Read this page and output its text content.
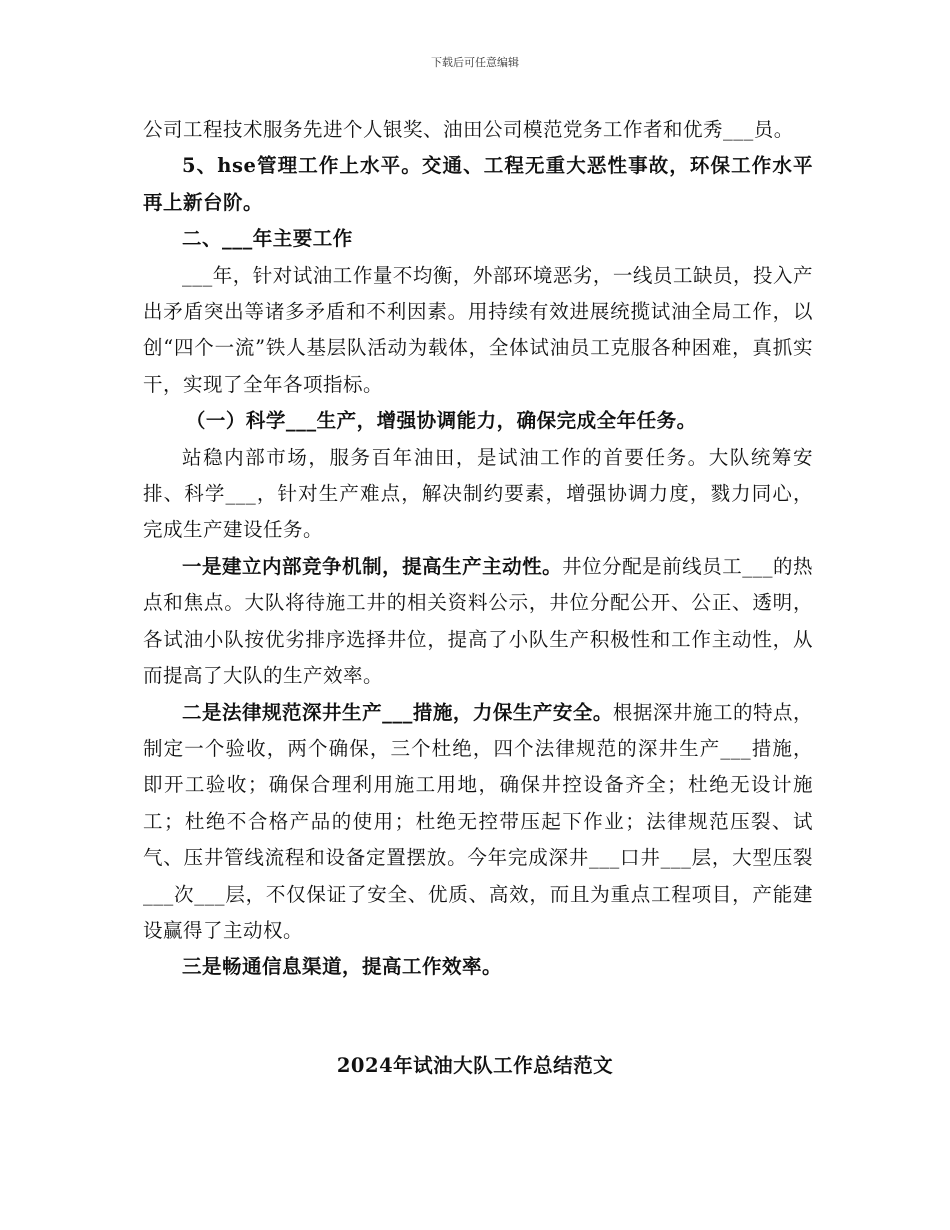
下载后可任意编辑

公司工程技术服务先进个人银奖、油田公司模范党务工作者和优秀___员。

5、hse管理工作上水平。交通、工程无重大恶性事故，环保工作水平再上新台阶。

二、___年主要工作

___年，针对试油工作量不均衡，外部环境恶劣，一线员工缺员，投入产出矛盾突出等诸多矛盾和不利因素。用持续有效进展统揽试油全局工作，以创“四个一流”铁人基层队活动为载体，全体试油员工克服各种困难，真抓实干，实现了全年各项指标。

（一）科学___生产，增强协调能力，确保完成全年任务。

站稳内部市场，服务百年油田，是试油工作的首要任务。大队统筹安排、科学___，针对生产难点，解决制约要素，增强协调力度，戮力同心，完成生产建设任务。

一是建立内部竞争机制，提高生产主动性。井位分配是前线员工___的热点和焦点。大队将待施工井的相关资料公示，井位分配公开、公正、透明，各试油小队按优劣排序选择井位，提高了小队生产积极性和工作主动性，从而提高了大队的生产效率。

二是法律规范深井生产___措施，力保生产安全。根据深井施工的特点，制定一个验收，两个确保，三个杜绝，四个法律规范的深井生产___措施，即开工验收；确保合理利用施工用地，确保井控设备齐全；杜绝无设计施工；杜绝不合格产品的使用；杜绝无控带压起下作业；法律规范压裂、试气、压井管线流程和设备定置摆放。今年完成深井___口井___层，大型压裂___次___层，不仅保证了安全、优质、高效，而且为重点工程项目，产能建设赢得了主动权。

三是畅通信息渠道，提高工作效率。

2024年试油大队工作总结范文
